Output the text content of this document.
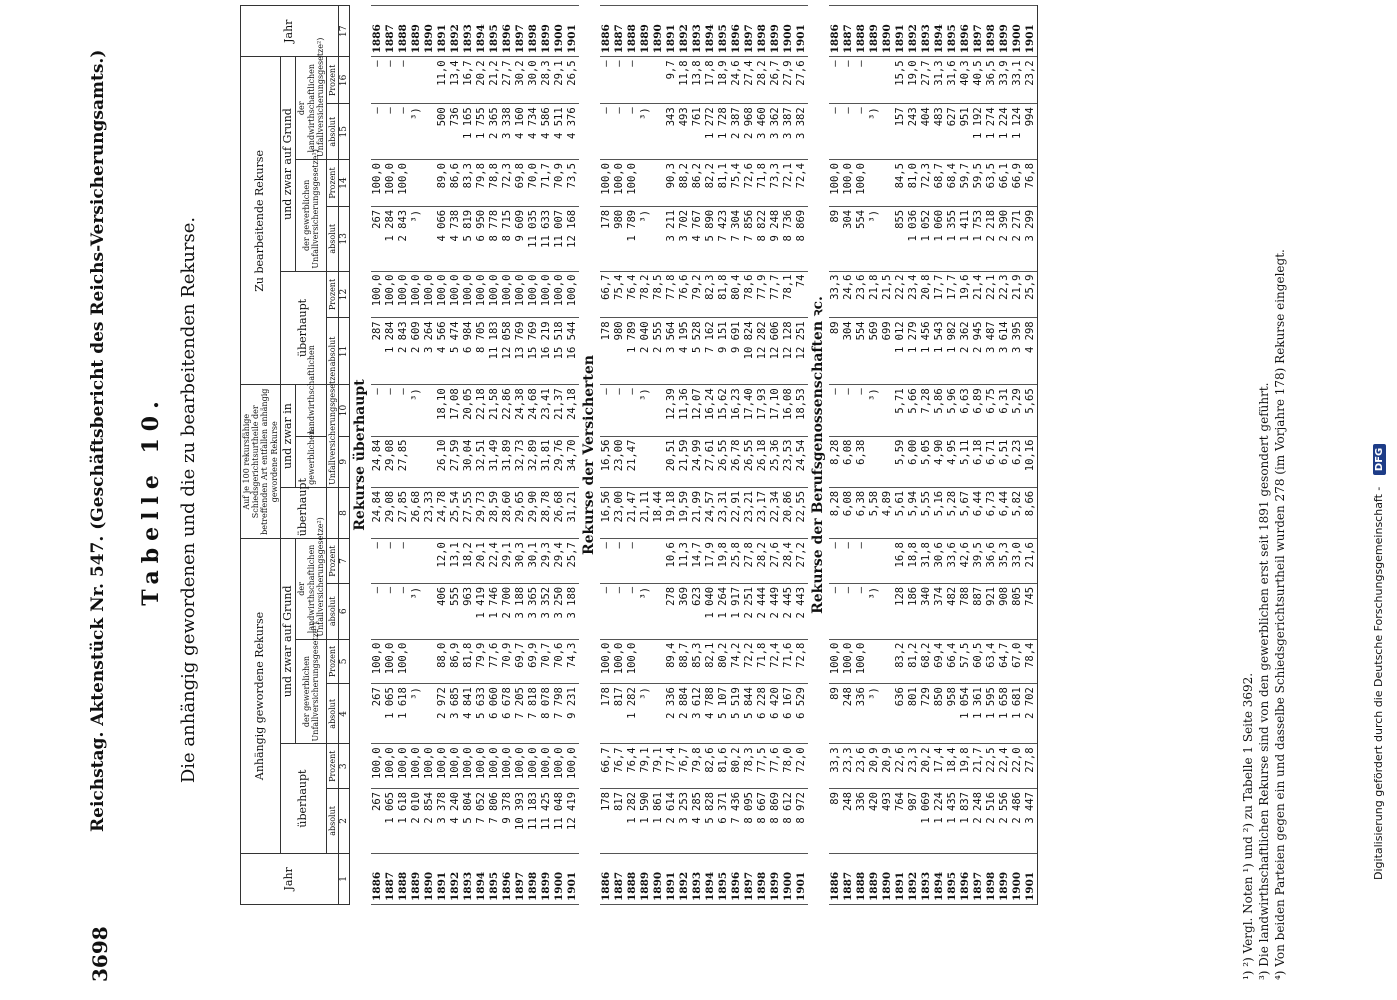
3698
Reichstag. Aktenstück Nr. 547. (Geschäftsbericht des Reichs-Versicherungsamts.) Tabelle 10. Die anhängig gewordenen und die zu bearbeitenden Rekurse.
Jahr	Anhängig gewordene Rekurse						Auf je 100 rekursfähige Schiedsgerichtsurtheile der betreffenden Art entfallen anhängig gewordene Rekurse			Zu bearbeitende Rekurse						Jahr
	überhaupt		und zwar auf Grund				überhaupt	und zwar in		überhaupt		und zwar auf Grund				
			der gewerblichen Unfallversicherungsgesetze¹)		der landwirthschaftlichen Unfallversicherungsgesetze²)			gewerblichen	landwirthschaftlichen			der gewerblichen Unfallversicherungsgesetze¹)		der landwirthschaftlichen Unfallversicherungsgesetze²)		
	absolut	Prozent	absolut	Prozent	absolut	Prozent		Unfallversicherungsgesetzen		absolut	Prozent	absolut	Prozent	absolut	Prozent	
1	2	3	4	5	6	7	8	9	10	11	12	13	14	15	16	17
Rekurse überhaupt																
1886	267	100,0	267	100,0	—	—	24,84	24,84	—	287	100,0	267	100,0	—	—	1886
1887	1 065	100,0	1 065	100,0	—	—	29,08	29,08	—	1 284	100,0	1 284	100,0	—	—	1887
1888	1 618	100,0	1 618	100,0	—	—	27,85	27,85	—	2 843	100,0	2 843	100,0	—	—	1888
1889	2 010	100,0	³)		³)		26,68		³)	2 609	100,0	³)		³)		1889
1890	2 854	100,0					23,33			3 264	100,0					1890
1891	3 378	100,0	2 972	88,0	406	12,0	24,78	26,10	18,10	4 566	100,0	4 066	89,0	500	11,0	1891
1892	4 240	100,0	3 685	86,9	555	13,1	25,54	27,59	17,08	5 474	100,0	4 738	86,6	736	13,4	1892
1893	5 804	100,0	4 841	81,8	963	18,2	27,55	30,04	20,05	6 984	100,0	5 819	83,3	1 165	16,7	1893
1894	7 052	100,0	5 633	79,9	1 419	20,1	29,73	32,51	22,18	8 705	100,0	6 950	79,8	1 755	20,2	1894
1895	7 806	100,0	6 060	77,6	1 746	22,4	28,59	31,49	21,58	11 183	100,0	8 778	78,8	2 365	21,2	1895
1896	9 378	100,0	6 678	70,9	2 700	29,1	28,60	31,89	22,86	12 058	100,0	8 715	72,3	3 338	27,7	1896
1897	10 393	100,0	7 205	69,7	3 188	30,3	29,65	32,73	24,38	13 769	100,0	9 609	69,8	4 160	30,2	1897
1898	11 183	100,0	7 818	69,9	3 365	30,1	29,90	32,89	24,68	15 769	100,0	11 035	70,0	4 734	30,0	1898
1899	11 425	100,0	8 078	70,7	3 352	29,3	28,78	31,81	23,41	16 219	100,0	11 633	71,7	4 586	28,3	1899
1900	11 048	100,0	7 798	70,6	3 250	29,4	26,68	29,76	21,37	15 518	100,0	11 007	70,9	4 511	29,1	1900
1901	12 419	100,0	9 231	74,3	3 188	25,7	31,21	34,70	24,18	16 544	100,0	12 168	73,5	4 376	26,5	1901
Rekurse der Versicherten																
1886	178	66,7	178	100,0	—	—	16,56	16,56	—	178	66,7	178	100,0	—	—	1886
1887	817	76,7	817	100,0	—	—	23,00	23,00	—	980	75,4	980	100,0	—	—	1887
1888	1 282	76,4	1 282	100,0	—	—	21,47	21,47	—	1 789	76,4	1 789	100,0	—	—	1888
1889	1 590	79,1	³)		³)		21,11		³)	2 040	78,2	³)		³)		1889
1890	1 861	79,1					18,44			2 555	78,5					1890
1891	2 614	77,4	2 336	89,4	278	10,6	19,18	20,51	12,39	3 564	77,8	3 211	90,3	343	9,7	1891
1892	3 253	76,7	2 884	88,7	369	11,3	19,59	21,59	11,36	4 195	76,6	3 702	88,2	493	11,8	1892
1893	4 285	79,8	3 612	85,3	623	14,7	21,99	24,99	12,07	5 528	79,2	4 767	86,2	761	13,8	1893
1894	5 828	82,6	4 788	82,1	1 040	17,9	24,57	27,61	16,24	7 162	82,3	5 890	82,2	1 272	17,8	1894
1895	6 371	81,6	5 107	80,2	1 264	19,8	23,31	26,55	15,62	9 151	81,8	7 423	81,1	1 728	18,9	1895
1896	7 436	80,2	5 519	74,2	1 917	25,8	22,91	26,78	16,23	9 691	80,4	7 304	75,4	2 387	24,6	1896
1897	8 095	78,3	5 844	72,2	2 251	27,8	23,21	26,55	17,40	10 824	78,6	7 856	72,6	2 968	27,4	1897
1898	8 667	77,5	6 228	71,8	2 444	28,2	23,17	26,18	17,93	12 282	77,9	8 822	71,8	3 460	28,2	1898
1899	8 869	77,6	6 420	72,4	2 449	27,6	22,34	25,36	17,10	12 606	77,7	9 248	73,3	3 362	26,7	1899
1900	8 612	78,0	6 167	71,6	2 445	28,4	20,86	23,53	16,08	12 128	78,1	8 736	72,1	3 387	27,9	1900
1901	8 972	72,0	6 529	72,8	2 443	27,2	22,55	24,54	18,53	12 251	74	8 869	72,4	3 382	27,6	1901
Rekurse der Berufsgenossenschaften ꝛc.																
1886	89	33,3	89	100,0	—	—	8,28	8,28	—	89	33,3	89	100,0	—	—	1886
1887	248	23,3	248	100,0	—	—	6,08	6,08	—	304	24,6	304	100,0	—	—	1887
1888	336	23,6	336	100,0	—	—	6,38	6,38	—	554	23,6	554	100,0	—	—	1888
1889	420	20,9	³)		³)		5,58		³)	569	21,8	³)		³)		1889
1890	493	20,9					4,89			699	21,5					1890
1891	764	22,6	636	83,2	128	16,8	5,61	5,59	5,71	1 012	22,2	855	84,5	157	15,5	1891
1892	987	23,3	801	81,2	186	18,8	5,94	6,00	5,66	1 279	23,4	1 036	81,0	243	19,0	1892
1893	1 069	20,2	729	68,2	340	31,8	5,55	5,05	7,28	1 456	20,8	1 052	72,3	404	27,7	1893
1894	1 224	17,4	850	69,4	374	30,6	5,16	4,90	5,86	1 543	17,7	1 060	68,7	483	31,3	1894
1895	1 435	18,4	958	66,4	482	33,6	5,28	4,95	5,96	1 982	17,7	1 355	68,4	627	31,6	1895
1896	1 837	19,8	1 054	57,5	788	42,6	5,67	5,11	6,63	2 362	19,6	1 411	59,7	951	40,3	1896
1897	2 248	21,7	1 361	60,5	887	39,5	6,44	6,18	6,89	2 945	21,4	1 753	59,5	1 192	40,5	1897
1898	2 516	22,5	1 595	63,4	921	36,6	6,73	6,71	6,75	3 487	22,1	2 218	63,5	1 274	36,5	1898
1899	2 556	22,4	1 658	64,7	908	35,3	6,44	6,51	6,31	3 614	22,3	2 390	66,1	1 224	33,9	1899
1900	2 486	22,0	1 681	67,0	805	33,0	5,82	6,23	5,29	3 395	21,9	2 271	66,9	1 124	33,1	1900
1901	3 447	27,8	2 702	78,4	745	21,6	8,66	10,16	5,65	4 298	25,9	3 299	76,8	994	23,2	1901
¹) ²) Vergl. Noten ¹) und ²) zu Tabelle 1 Seite 3692. ³) Die landwirthschaftlichen Rekurse sind von den gewerblichen erst seit 1891 gesondert geführt. ⁴) Von beiden Parteien gegen ein und dasselbe Schiedsgerichtsurtheil wurden 278 (im Vorjahre 178) Rekurse eingelegt.	Digitalisierung gefördert durch die Deutsche Forschungsgemeinschaft - DFG
